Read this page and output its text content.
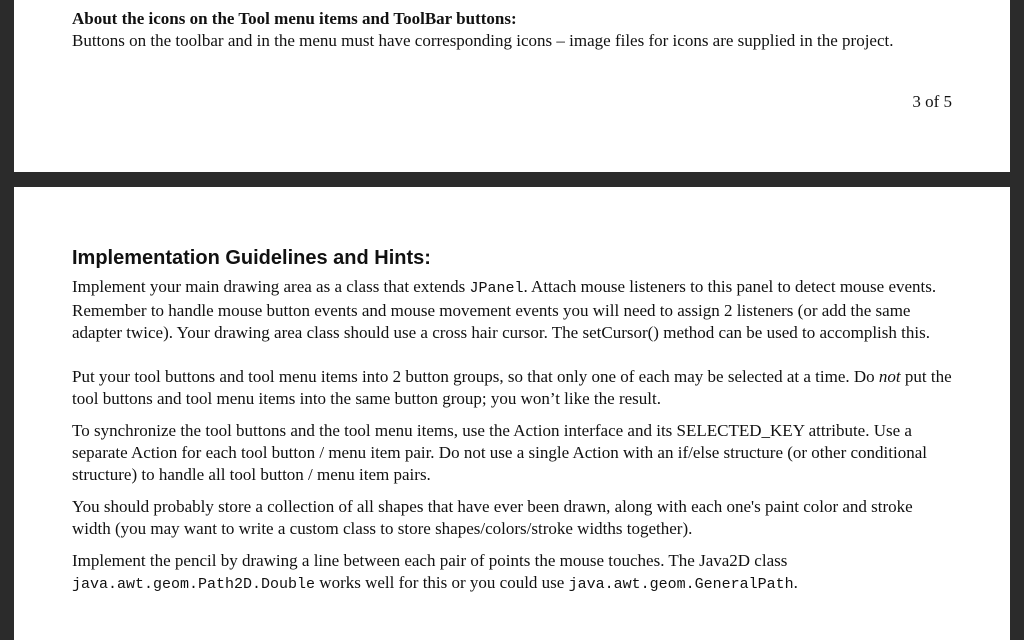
About the icons on the Tool menu items and ToolBar buttons:

Buttons on the toolbar and in the menu must have corresponding icons – image files for icons are supplied in the project.

3 of 5
Implementation Guidelines and Hints:

Implement your main drawing area as a class that extends JPanel. Attach mouse listeners to this panel to detect mouse events. Remember to handle mouse button events and mouse movement events you will need to assign 2 listeners (or add the same adapter twice). Your drawing area class should use a cross hair cursor. The setCursor() method can be used to accomplish this.

Put your tool buttons and tool menu items into 2 button groups, so that only one of each may be selected at a time. Do not put the tool buttons and tool menu items into the same button group; you won’t like the result.

To synchronize the tool buttons and the tool menu items, use the Action interface and its SELECTED_KEY attribute. Use a separate Action for each tool button / menu item pair. Do not use a single Action with an if/else structure (or other conditional structure) to handle all tool button / menu item pairs.

You should probably store a collection of all shapes that have ever been drawn, along with each one's paint color and stroke width (you may want to write a custom class to store shapes/colors/stroke widths together).

Implement the pencil by drawing a line between each pair of points the mouse touches. The Java2D class java.awt.geom.Path2D.Double works well for this or you could use java.awt.geom.GeneralPath.
